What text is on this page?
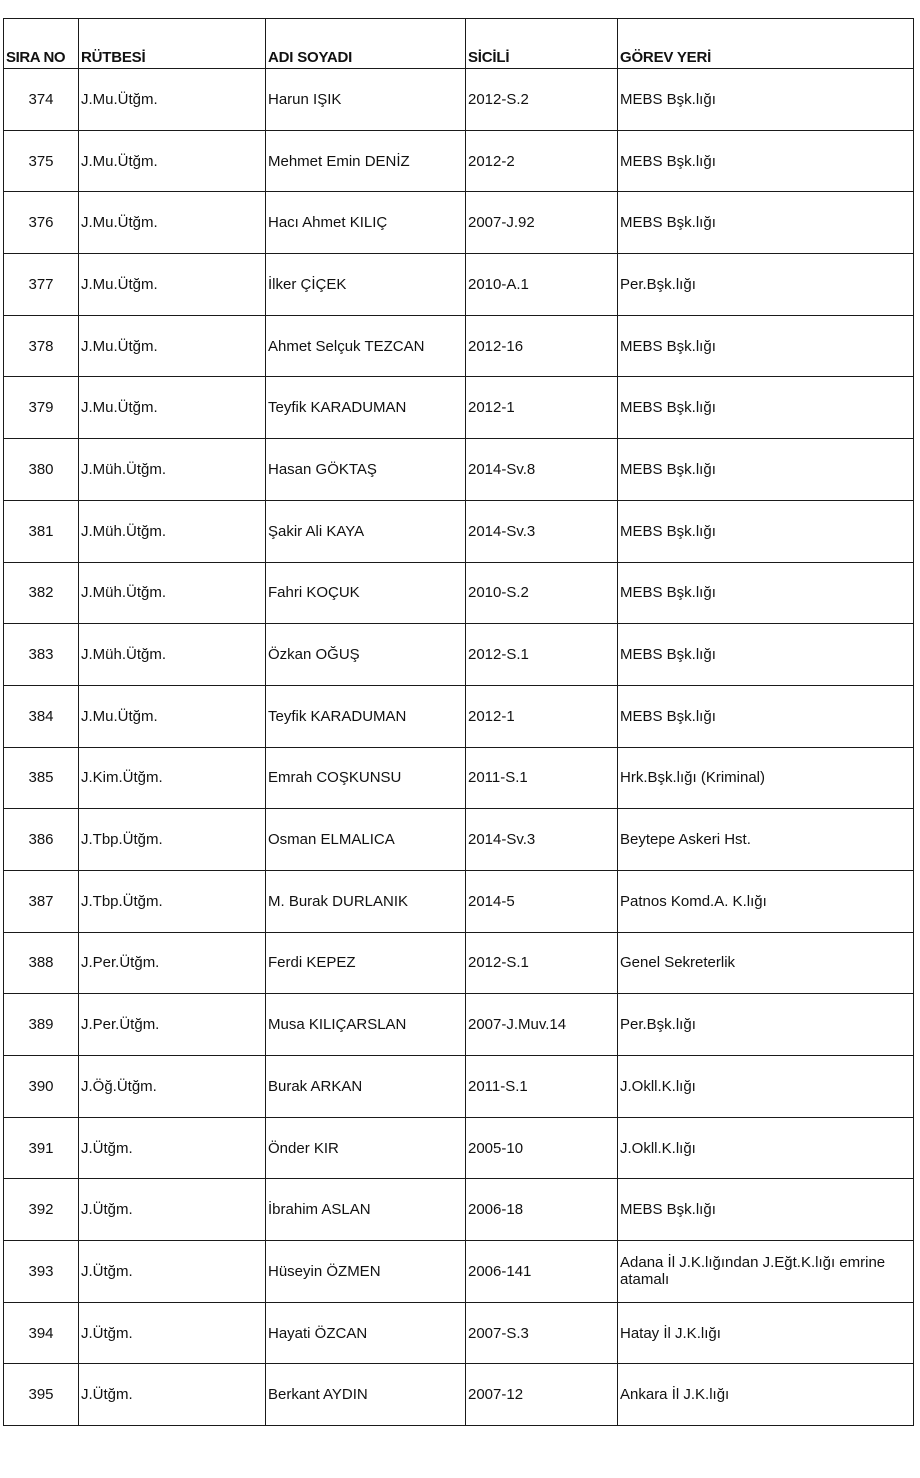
SIRA NO	RÜTBESİ	ADI SOYADI	SİCİLİ	GÖREV YERİ
374	J.Mu.Ütğm.	Harun IŞIK	2012-S.2	MEBS Bşk.lığı
375	J.Mu.Ütğm.	Mehmet Emin DENİZ	2012-2	MEBS Bşk.lığı
376	J.Mu.Ütğm.	Hacı Ahmet KILIÇ	2007-J.92	MEBS Bşk.lığı
377	J.Mu.Ütğm.	İlker ÇİÇEK	2010-A.1	Per.Bşk.lığı
378	J.Mu.Ütğm.	Ahmet Selçuk TEZCAN	2012-16	MEBS Bşk.lığı
379	J.Mu.Ütğm.	Teyfik KARADUMAN	2012-1	MEBS Bşk.lığı
380	J.Müh.Ütğm.	Hasan GÖKTAŞ	2014-Sv.8	MEBS Bşk.lığı
381	J.Müh.Ütğm.	Şakir Ali KAYA	2014-Sv.3	MEBS Bşk.lığı
382	J.Müh.Ütğm.	Fahri KOÇUK	2010-S.2	MEBS Bşk.lığı
383	J.Müh.Ütğm.	Özkan OĞUŞ	2012-S.1	MEBS Bşk.lığı
384	J.Mu.Ütğm.	Teyfik KARADUMAN	2012-1	MEBS Bşk.lığı
385	J.Kim.Ütğm.	Emrah COŞKUNSU	2011-S.1	Hrk.Bşk.lığı (Kriminal)
386	J.Tbp.Ütğm.	Osman ELMALICA	2014-Sv.3	Beytepe Askeri Hst.
387	J.Tbp.Ütğm.	M. Burak DURLANIK	2014-5	Patnos Komd.A. K.lığı
388	J.Per.Ütğm.	Ferdi KEPEZ	2012-S.1	Genel Sekreterlik
389	J.Per.Ütğm.	Musa KILIÇARSLAN	2007-J.Muv.14	Per.Bşk.lığı
390	J.Öğ.Ütğm.	Burak ARKAN	2011-S.1	J.Okll.K.lığı
391	J.Ütğm.	Önder KIR	2005-10	J.Okll.K.lığı
392	J.Ütğm.	İbrahim ASLAN	2006-18	MEBS Bşk.lığı
393	J.Ütğm.	Hüseyin ÖZMEN	2006-141	Adana İl J.K.lığından J.Eğt.K.lığı emrine atamalı
394	J.Ütğm.	Hayati ÖZCAN	2007-S.3	Hatay İl J.K.lığı
395	J.Ütğm.	Berkant AYDIN	2007-12	Ankara İl J.K.lığı
